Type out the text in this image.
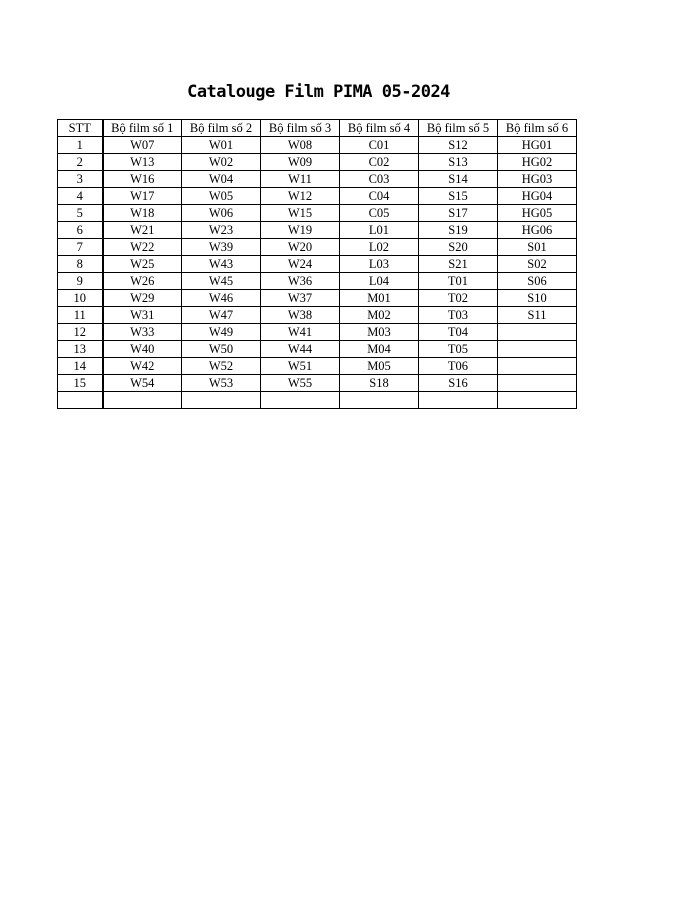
Catalouge Film PIMA 05-2024
STT	Bộ film số 1	Bộ film số 2	Bộ film số 3	Bộ film số 4	Bộ film số 5	Bộ film số 6
1	W07	W01	W08	C01	S12	HG01
2	W13	W02	W09	C02	S13	HG02
3	W16	W04	W11	C03	S14	HG03
4	W17	W05	W12	C04	S15	HG04
5	W18	W06	W15	C05	S17	HG05
6	W21	W23	W19	L01	S19	HG06
7	W22	W39	W20	L02	S20	S01
8	W25	W43	W24	L03	S21	S02
9	W26	W45	W36	L04	T01	S06
10	W29	W46	W37	M01	T02	S10
11	W31	W47	W38	M02	T03	S11
12	W33	W49	W41	M03	T04	
13	W40	W50	W44	M04	T05	
14	W42	W52	W51	M05	T06	
15	W54	W53	W55	S18	S16	
